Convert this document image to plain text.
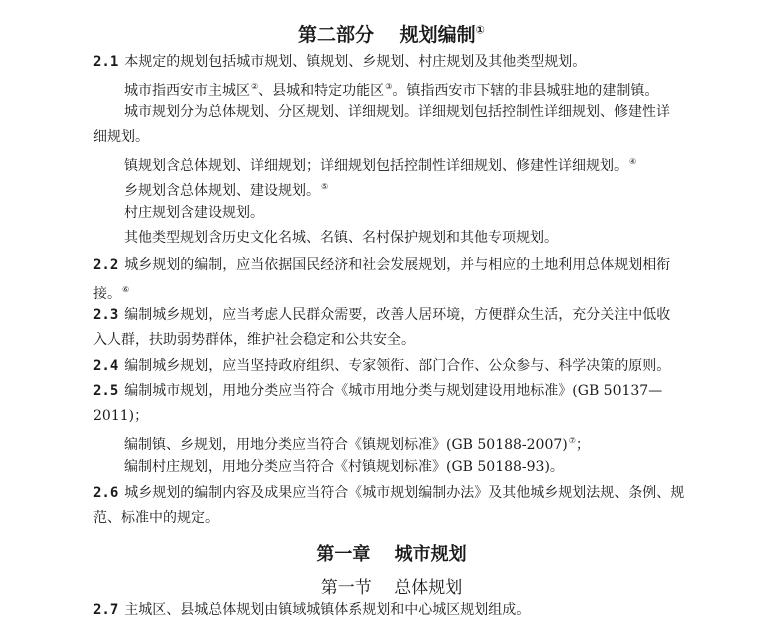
第二部分　 规划编制①
2.1 本规定的规划包括城市规划、镇规划、乡规划、村庄规划及其他类型规划。
城市指西安市主城区②、县城和特定功能区③。镇指西安市下辖的非县城驻地的建制镇。
城市规划分为总体规划、分区规划、详细规划。详细规划包括控制性详细规划、修建性详
细规划。
镇规划含总体规划、详细规划；详细规划包括控制性详细规划、修建性详细规划。④
乡规划含总体规划、建设规划。⑤
村庄规划含建设规划。
其他类型规划含历史文化名城、名镇、名村保护规划和其他专项规划。
2.2 城乡规划的编制，应当依据国民经济和社会发展规划，并与相应的土地利用总体规划相衔
接。⑥
2.3 编制城乡规划，应当考虑人民群众需要，改善人居环境，方便群众生活，充分关注中低收
入人群，扶助弱势群体，维护社会稳定和公共安全。
2.4 编制城乡规划，应当坚持政府组织、专家领衔、部门合作、公众参与、科学决策的原则。
2.5 编制城市规划，用地分类应当符合《城市用地分类与规划建设用地标准》(GB 50137—
2011)；
编制镇、乡规划，用地分类应当符合《镇规划标准》(GB 50188-2007)⑦；
编制村庄规划，用地分类应当符合《村镇规划标准》(GB 50188-93)。
2.6 城乡规划的编制内容及成果应当符合《城市规划编制办法》及其他城乡规划法规、条例、规
范、标准中的规定。
第一章　 城市规划
第一节　 总体规划
2.7 主城区、县城总体规划由镇域城镇体系规划和中心城区规划组成。
